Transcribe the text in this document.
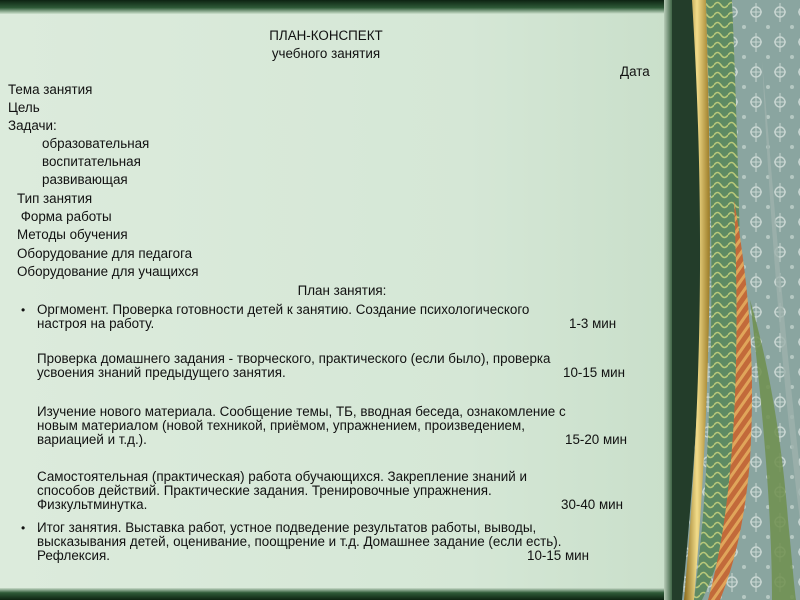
ПЛАН-КОНСПЕКТ
учебного занятия
Дата
Тема занятия
Цель
Задачи:
образовательная
воспитательная
развивающая
Тип занятия
Форма работы
Методы обучения
Оборудование для педагога
Оборудование для учащихся
План занятия:
• Оргмомент. Проверка готовности детей к занятию. Создание психологического
настроя на работу.	1-3 мин
Проверка домашнего задания - творческого, практического (если было), проверка
усвоения знаний предыдущего занятия.	10-15 мин
Изучение нового материала. Сообщение темы, ТБ, вводная беседа, ознакомление с
новым материалом (новой техникой, приёмом, упражнением, произведением,
вариацией и т.д.).	15-20 мин
Самостоятельная (практическая) работа обучающихся. Закрепление знаний и
способов действий. Практические задания. Тренировочные упражнения.
Физкультминутка.	30-40 мин
• Итог занятия. Выставка работ, устное подведение результатов работы, выводы,
высказывания детей, оценивание, поощрение и т.д. Домашнее задание (если есть).
Рефлексия.	10-15 мин
